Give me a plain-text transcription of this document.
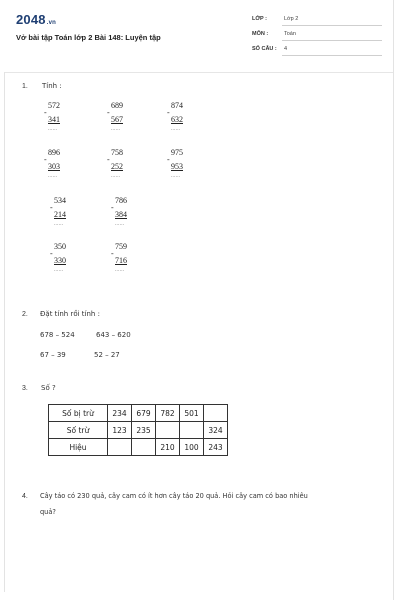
2048.vn
Vở bài tập Toán lớp 2 Bài 148: Luyện tập
LỚP :	Lớp 2
MÔN :	Toán
SỐ CÂU : 4
1. Tính :
572
-
341
......
689
-
567
......
874
-
632
......
896
-
303
......
758
-
252
......
975
-
953
......
534
-
214
......
786
-
384
......
350
-
330
......
759
-
716
......
2. Đặt tính rồi tính :
678 – 524	643 – 620
67 – 39	52 – 27
3. Số ?
Số bị trừ	234	679	782	501	
Số trừ	123	235			324
Hiệu			210	100	243
4. Cây táo có 230 quả, cây cam có ít hơn cây táo 20 quả. Hỏi cây cam có bao nhiêu
quả?
